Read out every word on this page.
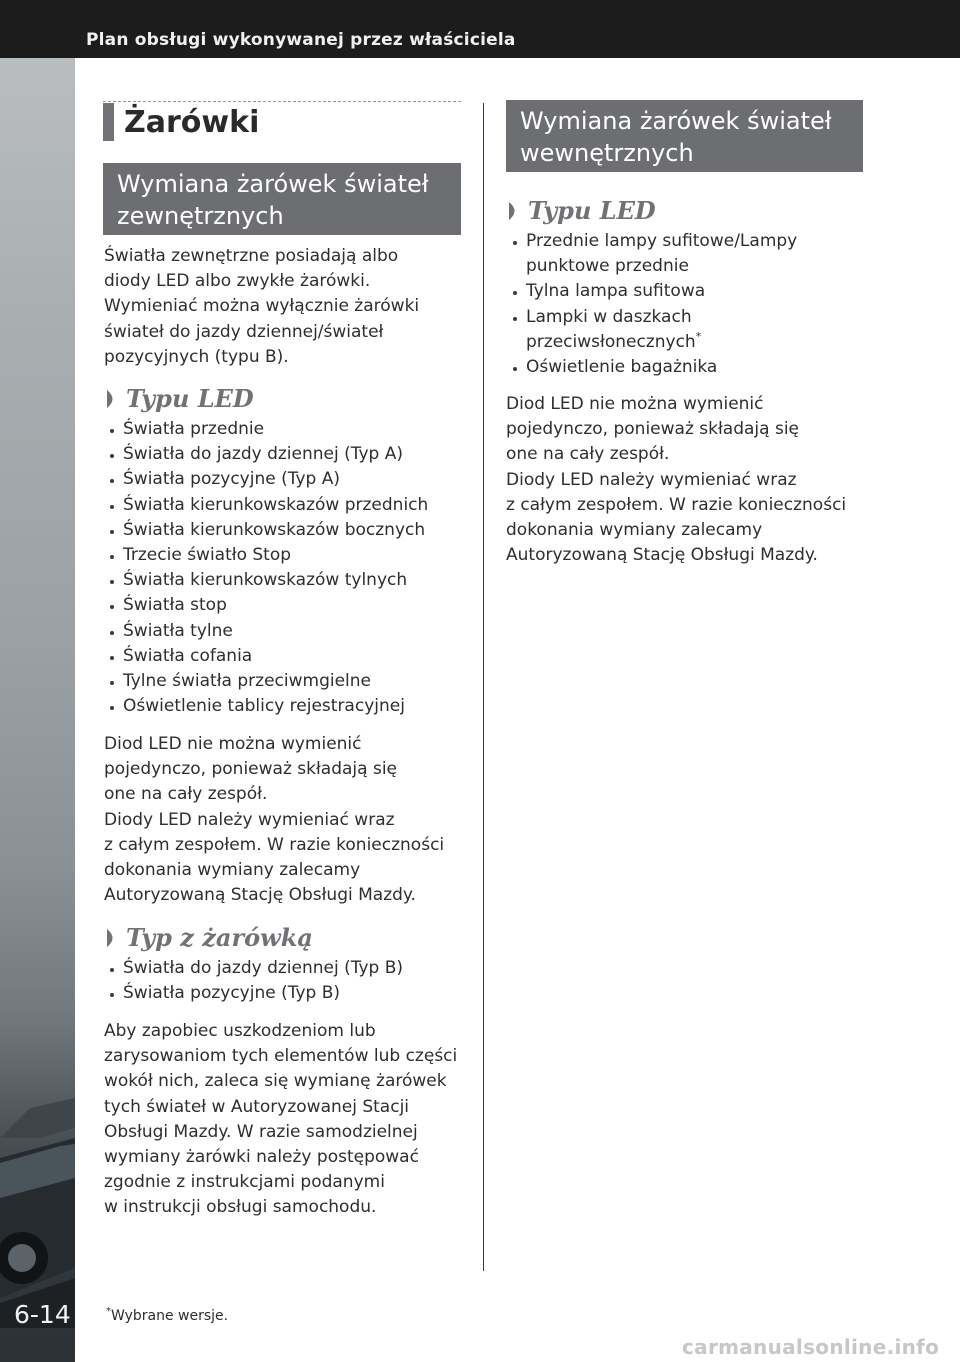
Plan obsługi wykonywanej przez właściciela
6-14
Żarówki
Wymiana żarówek świateł
zewnętrznych
Światła zewnętrzne posiadają albo
diody LED albo zwykłe żarówki.
Wymieniać można wyłącznie żarówki
świateł do jazdy dziennej/świateł
pozycyjnych (typu B).
Typu LED
Światła przednie
Światła do jazdy dziennej (Typ A)
Światła pozycyjne (Typ A)
Światła kierunkowskazów przednich
Światła kierunkowskazów bocznych
Trzecie światło Stop
Światła kierunkowskazów tylnych
Światła stop
Światła tylne
Światła cofania
Tylne światła przeciwmgielne
Oświetlenie tablicy rejestracyjnej
Diod LED nie można wymienić
pojedynczo, ponieważ składają się
one na cały zespół.
Diody LED należy wymieniać wraz
z całym zespołem. W razie konieczności
dokonania wymiany zalecamy
Autoryzowaną Stację Obsługi Mazdy.
Typ z żarówką
Światła do jazdy dziennej (Typ B)
Światła pozycyjne (Typ B)
Aby zapobiec uszkodzeniom lub
zarysowaniom tych elementów lub części
wokół nich, zaleca się wymianę żarówek
tych świateł w Autoryzowanej Stacji
Obsługi Mazdy. W razie samodzielnej
wymiany żarówki należy postępować
zgodnie z instrukcjami podanymi
w instrukcji obsługi samochodu.
Wymiana żarówek świateł
wewnętrznych
Typu LED
Przednie lampy sufitowe/Lampy
punktowe przednie
Tylna lampa sufitowa
Lampki w daszkach
przeciwsłonecznych*
Oświetlenie bagażnika
Diod LED nie można wymienić
pojedynczo, ponieważ składają się
one na cały zespół.
Diody LED należy wymieniać wraz
z całym zespołem. W razie konieczności
dokonania wymiany zalecamy
Autoryzowaną Stację Obsługi Mazdy.
*Wybrane wersje.
carmanualsonline.info
